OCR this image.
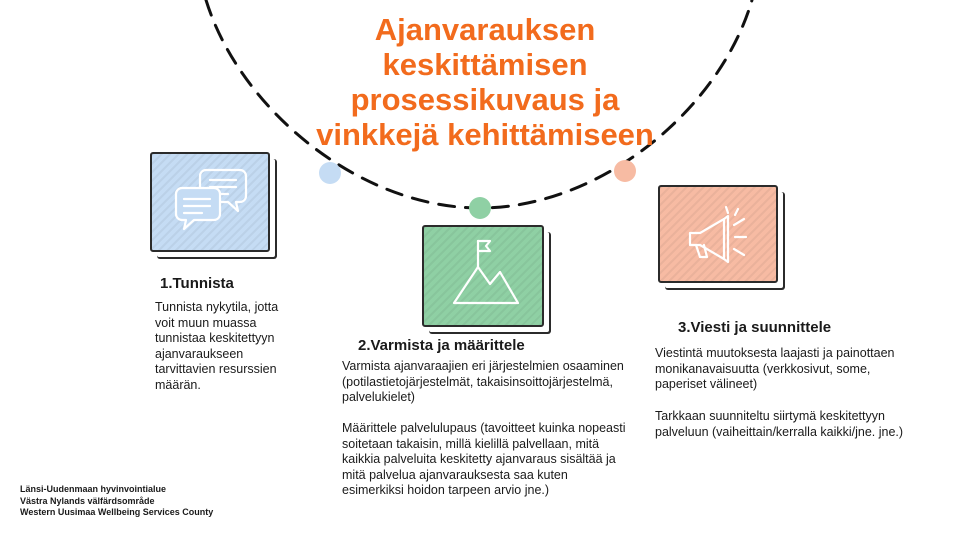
Ajanvarauksen keskittämisen prosessikuvaus ja vinkkejä kehittämiseen
1.Tunnista

Tunnista nykytila, jotta voit muun muassa tunnistaa keskitettyyn ajanvaraukseen tarvittavien resurssien määrän.

2.Varmista ja määrittele

Varmista ajanvaraajien eri järjestelmien osaaminen (potilastietojärjestelmät, takaisinsoittojärjestelmä, palvelukielet)

Määrittele palvelulupaus (tavoitteet kuinka nopeasti soitetaan takaisin, millä kielillä palvellaan, mitä kaikkia palveluita keskitetty ajanvaraus sisältää ja mitä palvelua ajanvarauksesta saa kuten esimerkiksi hoidon tarpeen arvio jne.)

3.Viesti ja suunnittele

Viestintä muutoksesta laajasti ja painottaen monikanavaisuutta (verkkosivut, some, paperiset välineet)

Tarkkaan suunniteltu siirtymä keskitettyyn palveluun (vaiheittain/kerralla kaikki/jne. jne.)

Länsi-Uudenmaan hyvinvointialue
Västra Nylands välfärdsområde
Western Uusimaa Wellbeing Services County
